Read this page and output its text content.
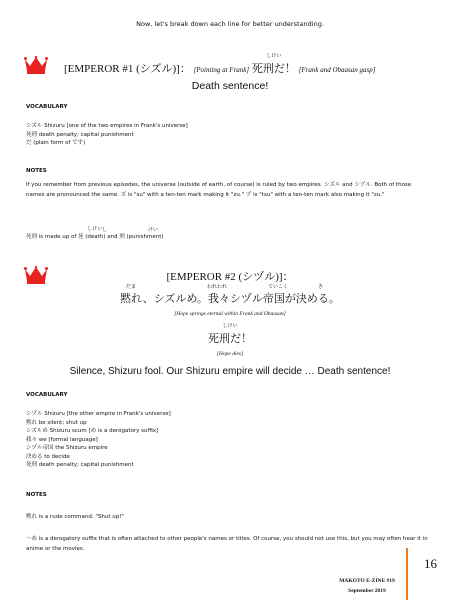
Now, let's break down each line for better understanding.
[EMPEROR #1 (シズル)]： [Pointing at Frank]
しけい
死刑だ！ [Frank and Obaasan gasp]
Death sentence!
VOCABULARY
シズル Shizuru [one of the two empires in Frank's universe]
死刑 death penalty; capital punishment
だ (plain form of です)
NOTES
If you remember from previous episodes, the universe (outside of earth, of course) is ruled by two empires. シズル and シヅル. Both of those names are pronounced the same. ズ is "su" with a ten-ten mark making it "zu." ヅ is "tsu" with a ten-ten mark also making it "zu."
しけい
死刑 is made up of 死 (death) and 刑 (punishment)
し	けい
[EMPEROR #2 (シヅル)]：
黙れ、シズルめ。我々シヅル帝国が決める。
だま	われわれ	ていこく	き
[Hope springs eternal within Frank and Obaasan]
しけい
死刑だ！
[Hope dies]
Silence, Shizuru fool. Our Shizuru empire will decide … Death sentence!
VOCABULARY
シヅル Shizuru [the other empire in Frank's universe]
黙れ be silent; shut up
シズルめ Shizuru scum [め is a derogatory suffix]
我々 we [formal language]
シヅル帝国 the Shizuru empire
決める to decide
死刑 death penalty; capital punishment
NOTES
黙れ is a rude command. "Shut up!"
～め is a derogatory suffix that is often attached to other people's names or titles. Of course, you should not use this, but you may often hear it in anime or the movies.
16
MAKOTO E-ZINE #19
September 2019
